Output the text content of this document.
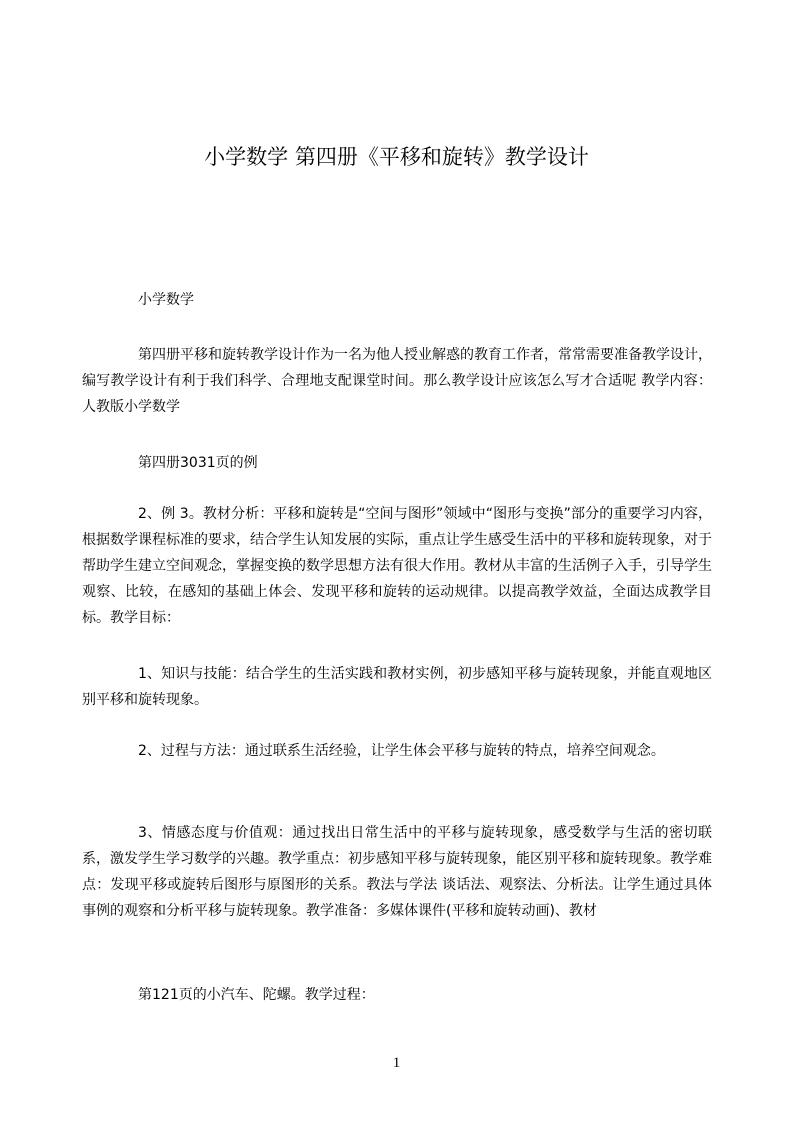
小学数学 第四册《平移和旋转》教学设计

小学数学

第四册平移和旋转教学设计作为一名为他人授业解惑的教育工作者，常常需要准备教学设计，编写教学设计有利于我们科学、合理地支配课堂时间。那么教学设计应该怎么写才合适呢 教学内容：人教版小学数学

第四册3031页的例

2、例 3。教材分析：平移和旋转是“空间与图形”领域中“图形与变换”部分的重要学习内容，根据数学课程标准的要求，结合学生认知发展的实际，重点让学生感受生活中的平移和旋转现象，对于帮助学生建立空间观念，掌握变换的数学思想方法有很大作用。教材从丰富的生活例子入手，引导学生观察、比较，在感知的基础上体会、发现平移和旋转的运动规律。以提高教学效益，全面达成教学目标。教学目标：

1、知识与技能：结合学生的生活实践和教材实例，初步感知平移与旋转现象，并能直观地区别平移和旋转现象。

2、过程与方法：通过联系生活经验，让学生体会平移与旋转的特点，培养空间观念。

3、情感态度与价值观：通过找出日常生活中的平移与旋转现象，感受数学与生活的密切联系，激发学生学习数学的兴趣。教学重点：初步感知平移与旋转现象，能区别平移和旋转现象。教学难点：发现平移或旋转后图形与原图形的关系。教法与学法 谈话法、观察法、分析法。让学生通过具体事例的观察和分析平移与旋转现象。教学准备：多媒体课件(平移和旋转动画)、教材

第121页的小汽车、陀螺。教学过程：

1
